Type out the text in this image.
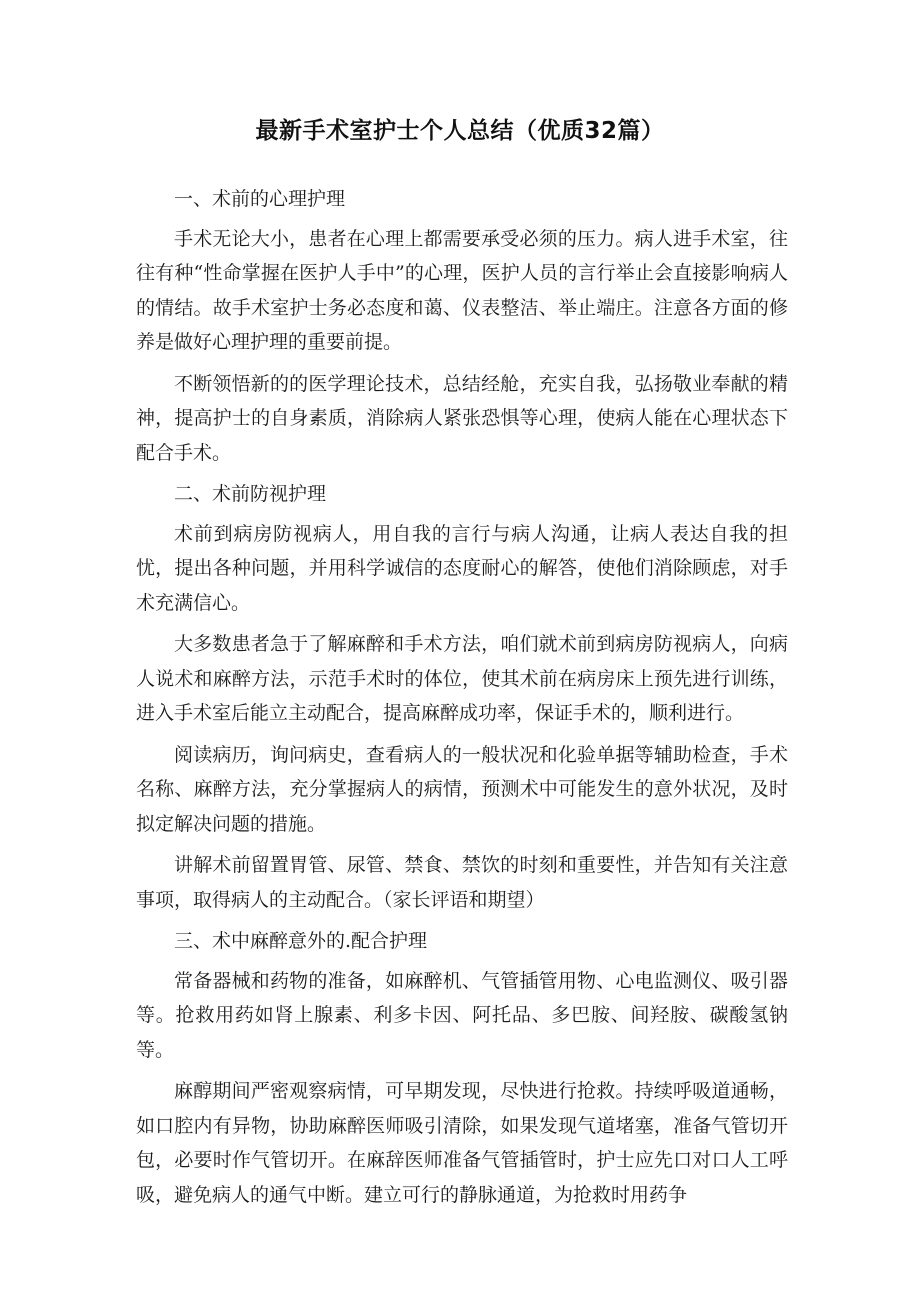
最新手术室护士个人总结（优质32篇）

一、术前的心理护理

手术无论大小，患者在心理上都需要承受必须的压力。病人进手术室，往往有种“性命掌握在医护人手中”的心理，医护人员的言行举止会直接影响病人的情结。故手术室护士务必态度和蔼、仪表整洁、举止端庄。注意各方面的修养是做好心理护理的重要前提。

不断领悟新的的医学理论技术，总结经舱，充实自我，弘扬敬业奉献的精神，提高护士的自身素质，消除病人紧张恐惧等心理，使病人能在心理状态下配合手术。

二、术前防视护理

术前到病房防视病人，用自我的言行与病人沟通，让病人表达自我的担忧，提出各种问题，并用科学诚信的态度耐心的解答，使他们消除顾虑，对手术充满信心。

大多数患者急于了解麻醉和手术方法，咱们就术前到病房防视病人，向病人说术和麻醉方法，示范手术时的体位，使其术前在病房床上预先进行训练，进入手术室后能立主动配合，提高麻醉成功率，保证手术的，顺利进行。

阅读病历，询问病史，查看病人的一般状况和化验单据等辅助检查，手术名称、麻醉方法，充分掌握病人的病情，预测术中可能发生的意外状况，及时拟定解决问题的措施。

讲解术前留置胃管、尿管、禁食、禁饮的时刻和重要性，并告知有关注意事项，取得病人的主动配合。（家长评语和期望）

三、术中麻醉意外的.配合护理

常备器械和药物的准备，如麻醉机、气管插管用物、心电监测仪、吸引器等。抢救用药如肾上腺素、利多卡因、阿托品、多巴胺、间羟胺、碳酸氢钠等。

麻醇期间严密观察病情，可早期发现，尽快进行抢救。持续呼吸道通畅，如口腔内有异物，协助麻醉医师吸引清除，如果发现气道堵塞，准备气管切开包，必要时作气管切开。在麻辞医师准备气管插管时，护士应先口对口人工呼吸，避免病人的通气中断。建立可行的静脉通道，为抢救时用药争
